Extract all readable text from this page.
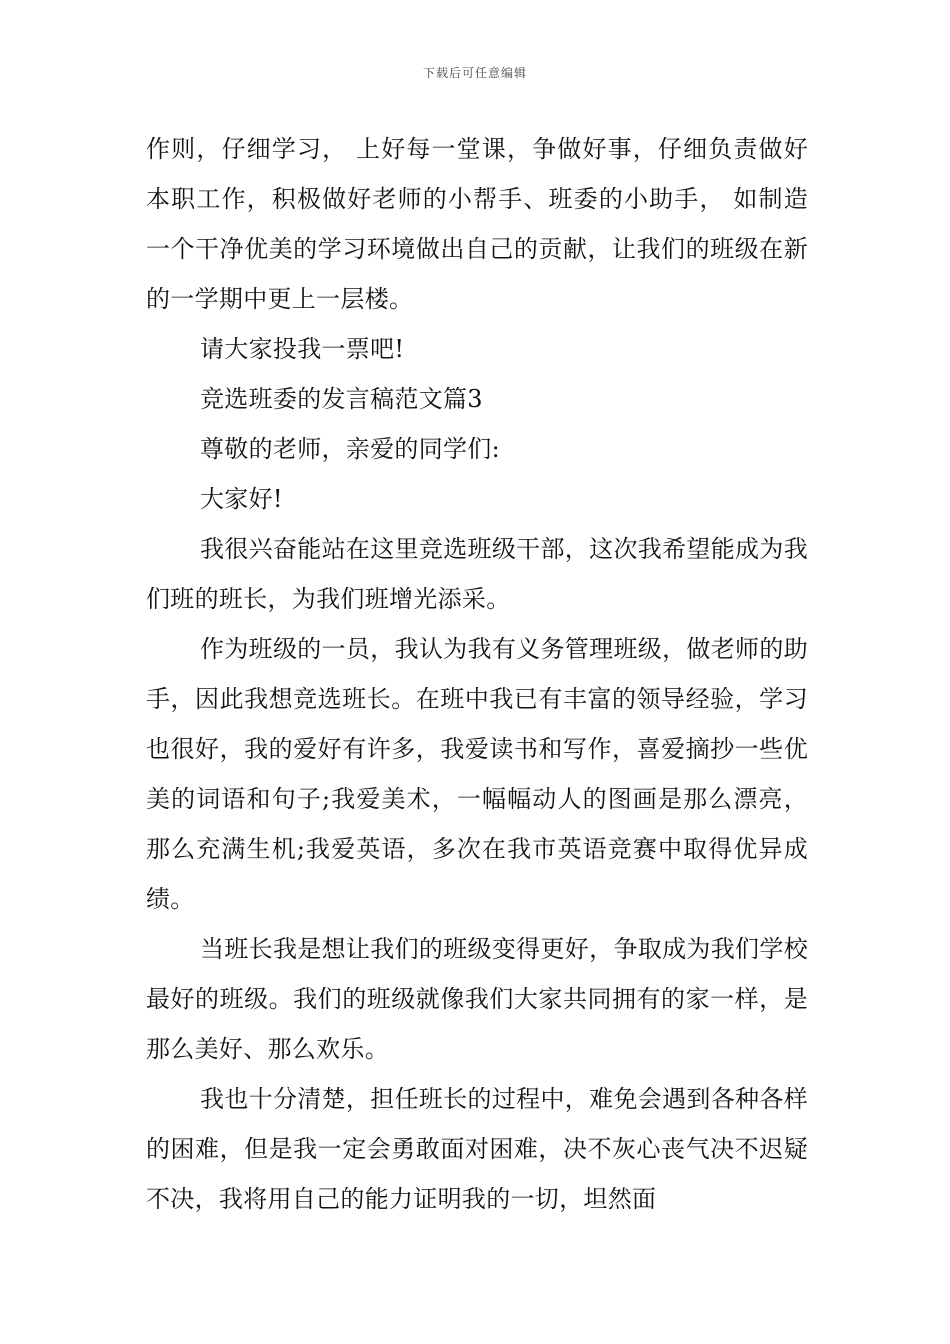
下载后可任意编辑

作则，仔细学习， 上好每一堂课，争做好事，仔细负责做好本职工作，积极做好老师的小帮手、班委的小助手， 如制造一个干净优美的学习环境做出自己的贡献，让我们的班级在新的一学期中更上一层楼。

请大家投我一票吧!

竞选班委的发言稿范文篇3

尊敬的老师，亲爱的同学们:

大家好!

我很兴奋能站在这里竞选班级干部，这次我希望能成为我们班的班长，为我们班增光添采。

作为班级的一员，我认为我有义务管理班级，做老师的助手，因此我想竞选班长。在班中我已有丰富的领导经验，学习也很好，我的爱好有许多，我爱读书和写作，喜爱摘抄一些优美的词语和句子;我爱美术，一幅幅动人的图画是那么漂亮，那么充满生机;我爱英语，多次在我市英语竞赛中取得优异成绩。

当班长我是想让我们的班级变得更好，争取成为我们学校最好的班级。我们的班级就像我们大家共同拥有的家一样，是那么美好、那么欢乐。

我也十分清楚，担任班长的过程中，难免会遇到各种各样的困难，但是我一定会勇敢面对困难，决不灰心丧气决不迟疑不决，我将用自己的能力证明我的一切，坦然面
